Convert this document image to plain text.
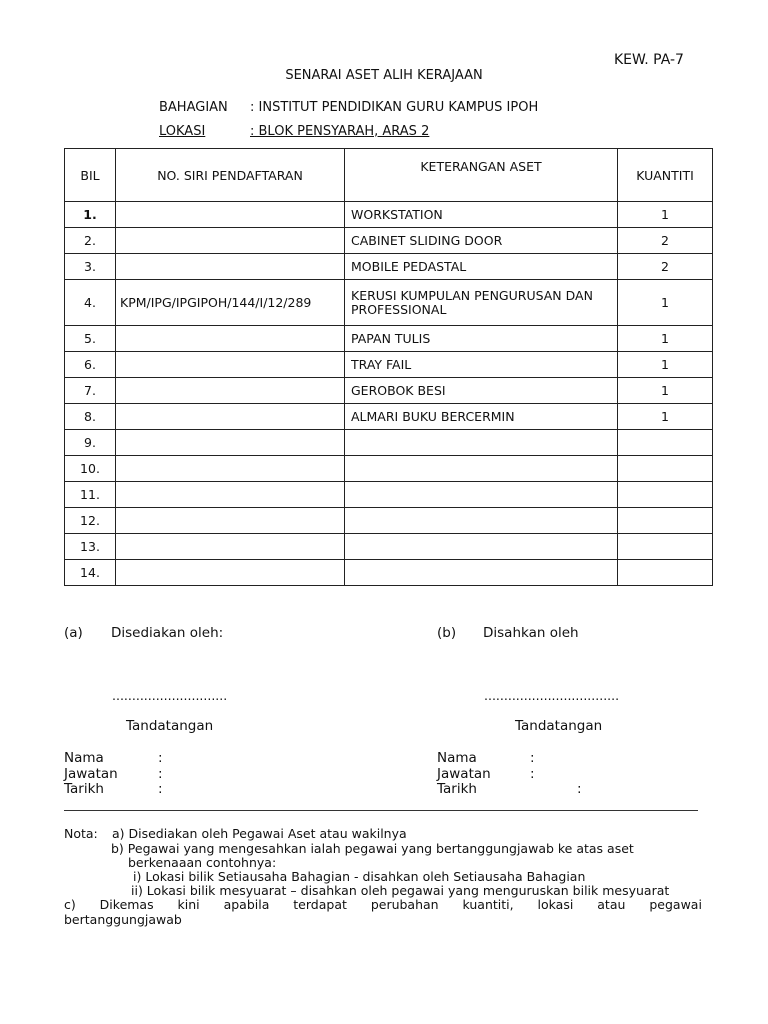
KEW. PA-7
SENARAI ASET ALIH KERAJAAN
BAHAGIAN : INSTITUT PENDIDIKAN GURU KAMPUS IPOH
LOKASI	: BLOK PENSYARAH, ARAS 2
BIL	NO. SIRI PENDAFTARAN	KETERANGAN ASET	KUANTITI
1.		WORKSTATION	1
2.		CABINET SLIDING DOOR	2
3.		MOBILE PEDASTAL	2
4.	KPM/IPG/IPGIPOH/144/I/12/289	KERUSI KUMPULAN PENGURUSAN DAN PROFESSIONAL	1
5.		PAPAN TULIS	1
6.		TRAY FAIL	1
7.		GEROBOK BESI	1
8.		ALMARI BUKU BERCERMIN	1
9.	

10.	

11.	

12.	

13.	

14.	

(a) Disediakan oleh:	(b) Disahkan oleh
.............................	..................................
Tandatangan	Tandatangan
Nama	:
Jawatan	:
Tarikh	:
Nama	:
Jawatan	:
Tarikh	:
Nota: a) Disediakan oleh Pegawai Aset atau wakilnya
b) Pegawai yang mengesahkan ialah pegawai yang bertanggungjawab ke atas aset
berkenaaan contohnya:
i) Lokasi bilik Setiausaha Bahagian - disahkan oleh Setiausaha Bahagian
ii) Lokasi bilik mesyuarat – disahkan oleh pegawai yang menguruskan bilik mesyuarat
c) Dikemas kini apabila terdapat perubahan kuantiti, lokasi atau pegawai
bertanggungjawab
